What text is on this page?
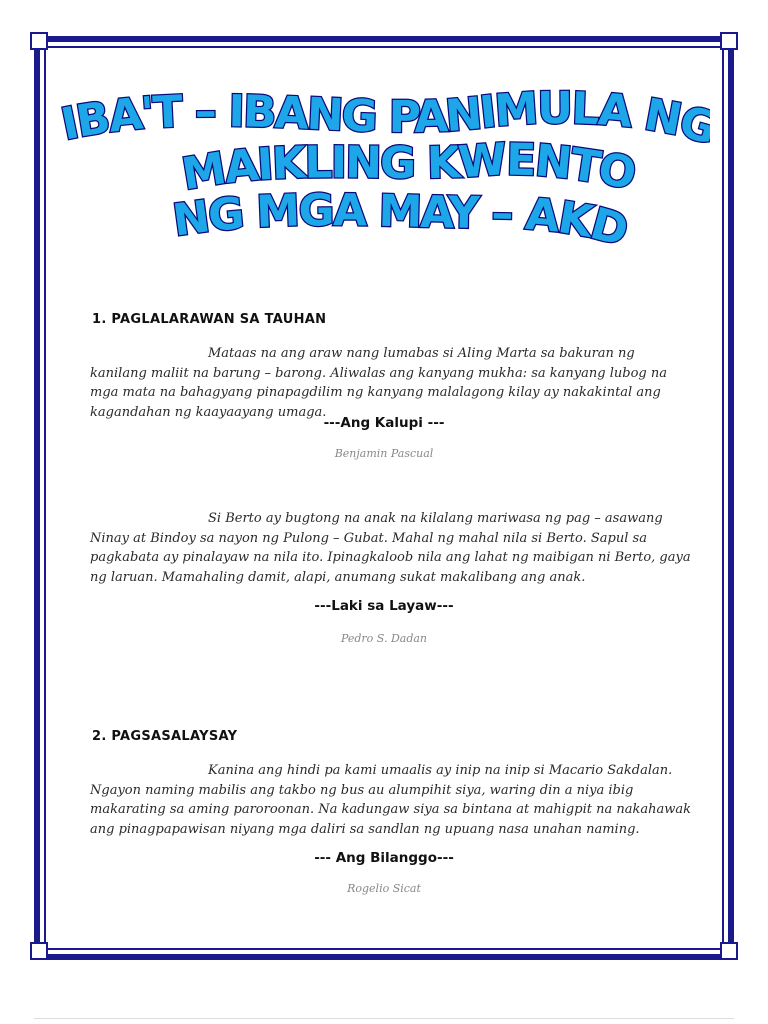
BA'T – IBANG PANIMULA N
MAIKLING KWENTO
NG MGA MAY – AKD
1. PAGLALARAWAN SA TAUHAN
Mataas na ang araw nang lumabas si Aling Marta sa bakuran ng kanilang maliit na barung – barong. Aliwalas ang kanyang mukha: sa kanyang lubog na mga mata na bahagyang pinapagdilim ng kanyang malalagong kilay ay nakakintal ang kagandahan ng kaayaayang umaga.
---Ang Kalupi ---
Benjamin Pascual
Si Berto ay bugtong na anak na kilalang mariwasa ng pag – asawang Ninay at Bindoy sa nayon ng Pulong – Gubat. Mahal ng mahal nila si Berto. Sapul sa pagkabata ay pinalayaw na nila ito. Ipinagkaloob nila ang lahat ng maibigan ni Berto, gaya ng laruan. Mamahaling damit, alapi, anumang sukat makalibang ang anak.
---Laki sa Layaw---
Pedro S. Dadan
2. PAGSASALAYSAY
Kanina ang hindi pa kami umaalis ay inip na inip si Macario Sakdalan. Ngayon naming mabilis ang takbo ng bus au alumpihit siya, waring din a niya ibig makarating sa aming paroroonan. Na kadungaw siya sa bintana at mahigpit na nakahawak ang pinagpapawisan niyang mga daliri sa sandlan ng upuang nasa unahan naming.
--- Ang Bilanggo---
Rogelio Sicat
